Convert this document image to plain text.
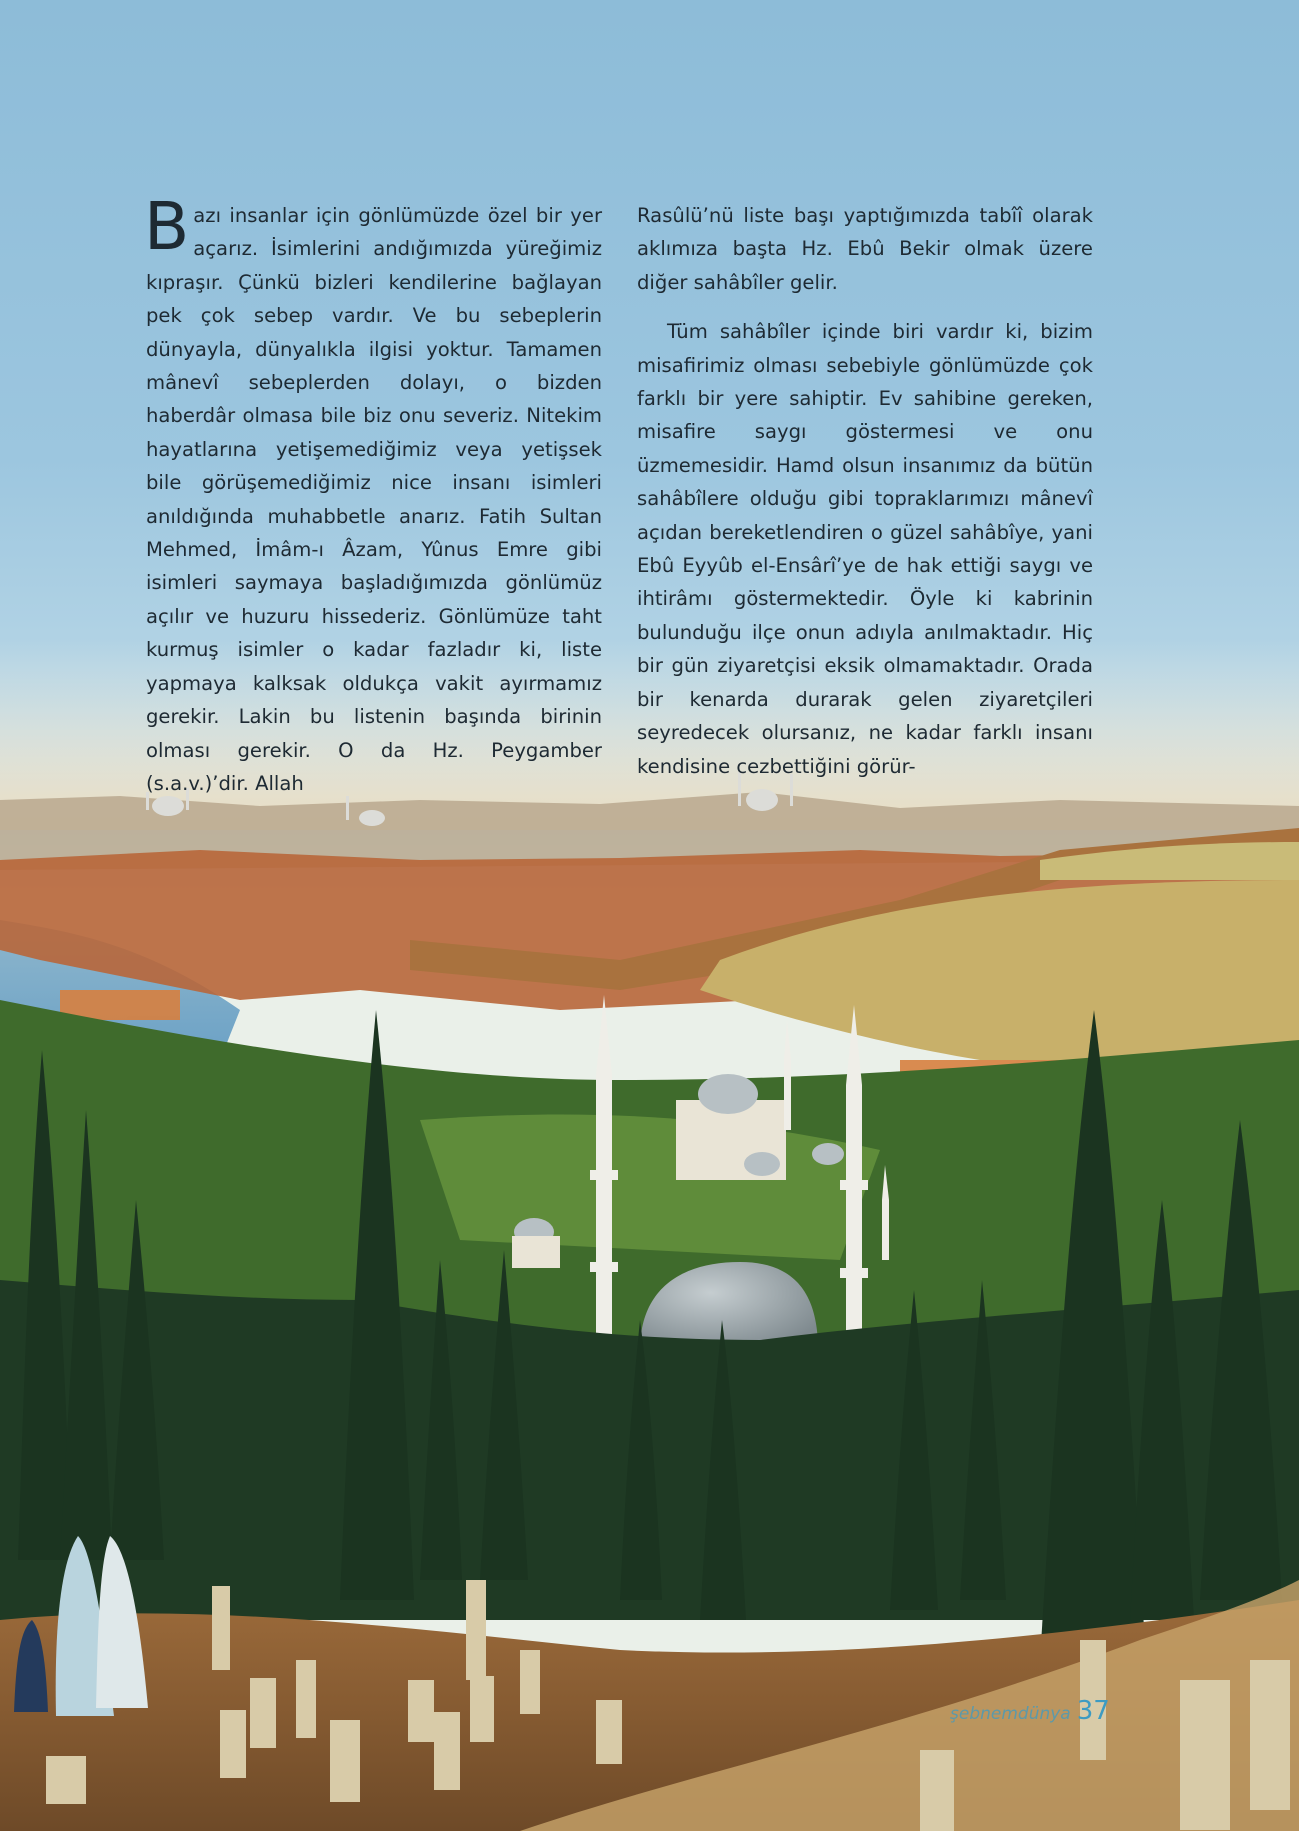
Bazı insanlar için gönlümüzde özel bir yer açarız. İsimlerini andığımızda yüreğimiz kıpraşır. Çünkü bizleri kendilerine bağlayan pek çok sebep vardır. Ve bu sebeplerin dünyayla, dünyalıkla ilgisi yoktur. Tamamen mânevî sebeplerden dolayı, o bizden haberdâr olmasa bile biz onu severiz. Nitekim hayatlarına yetişemediğimiz veya yetişsek bile görüşemediğimiz nice insanı isimleri anıldığında muhabbetle anarız. Fatih Sultan Mehmed, İmâm-ı Âzam, Yûnus Emre gibi isimleri saymaya başladığımızda gönlümüz açılır ve huzuru hissederiz. Gönlümüze taht kurmuş isimler o kadar fazladır ki, liste yapmaya kalksak oldukça vakit ayırmamız gerekir. Lakin bu listenin başında birinin olması gerekir. O da Hz. Peygamber (s.a.v.)’dir. Allah

Rasûlü’nü liste başı yaptığımızda tabîî olarak aklımıza başta Hz. Ebû Bekir olmak üzere diğer sahâbîler gelir.

Tüm sahâbîler içinde biri vardır ki, bizim misafirimiz olması sebebiyle gönlümüzde çok farklı bir yere sahiptir. Ev sahibine gereken, misafire saygı göstermesi ve onu üzmemesidir. Hamd olsun insanımız da bütün sahâbîlere olduğu gibi topraklarımızı mânevî açıdan bereketlendiren o güzel sahâbîye, yani Ebû Eyyûb el-Ensârî’ye de hak ettiği saygı ve ihtirâmı göstermektedir. Öyle ki kabrinin bulunduğu ilçe onun adıyla anılmaktadır. Hiç bir gün ziyaretçisi eksik olmamaktadır. Orada bir kenarda durarak gelen ziyaretçileri seyredecek olursanız, ne kadar farklı insanı kendisine cezbettiğini görür-

şebnemdünya 37
